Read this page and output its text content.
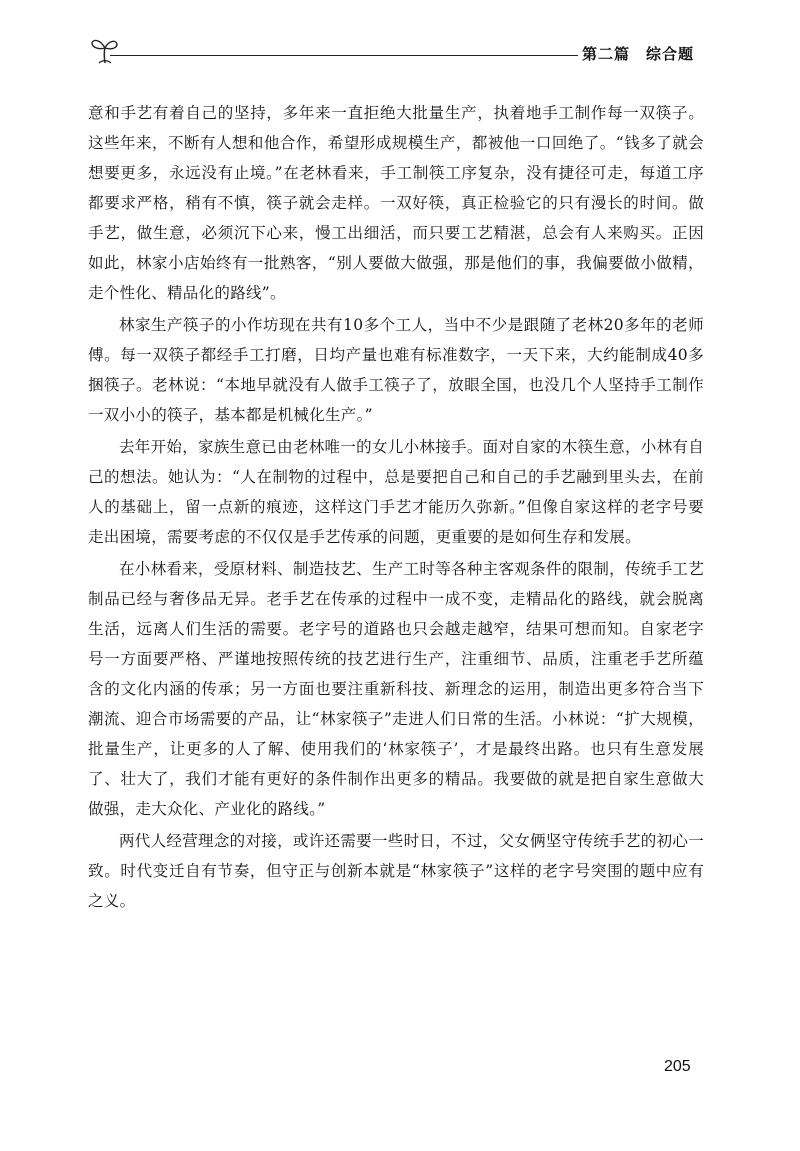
第二篇　综合题

意和手艺有着自己的坚持，多年来一直拒绝大批量生产，执着地手工制作每一双筷子。这些年来，不断有人想和他合作，希望形成规模生产，都被他一口回绝了。“钱多了就会想要更多，永远没有止境。”在老林看来，手工制筷工序复杂，没有捷径可走，每道工序都要求严格，稍有不慎，筷子就会走样。一双好筷，真正检验它的只有漫长的时间。做手艺，做生意，必须沉下心来，慢工出细活，而只要工艺精湛，总会有人来购买。正因如此，林家小店始终有一批熟客，“别人要做大做强，那是他们的事，我偏要做小做精，走个性化、精品化的路线”。

林家生产筷子的小作坊现在共有10多个工人，当中不少是跟随了老林20多年的老师傅。每一双筷子都经手工打磨，日均产量也难有标准数字，一天下来，大约能制成40多捆筷子。老林说：“本地早就没有人做手工筷子了，放眼全国，也没几个人坚持手工制作一双小小的筷子，基本都是机械化生产。”

去年开始，家族生意已由老林唯一的女儿小林接手。面对自家的木筷生意，小林有自己的想法。她认为：“人在制物的过程中，总是要把自己和自己的手艺融到里头去，在前人的基础上，留一点新的痕迹，这样这门手艺才能历久弥新。”但像自家这样的老字号要走出困境，需要考虑的不仅仅是手艺传承的问题，更重要的是如何生存和发展。

在小林看来，受原材料、制造技艺、生产工时等各种主客观条件的限制，传统手工艺制品已经与奢侈品无异。老手艺在传承的过程中一成不变，走精品化的路线，就会脱离生活，远离人们生活的需要。老字号的道路也只会越走越窄，结果可想而知。自家老字号一方面要严格、严谨地按照传统的技艺进行生产，注重细节、品质，注重老手艺所蕴含的文化内涵的传承；另一方面也要注重新科技、新理念的运用，制造出更多符合当下潮流、迎合市场需要的产品，让“林家筷子”走进人们日常的生活。小林说：“扩大规模，批量生产，让更多的人了解、使用我们的‘林家筷子’，才是最终出路。也只有生意发展了、壮大了，我们才能有更好的条件制作出更多的精品。我要做的就是把自家生意做大做强，走大众化、产业化的路线。”

两代人经营理念的对接，或许还需要一些时日，不过，父女俩坚守传统手艺的初心一致。时代变迁自有节奏，但守正与创新本就是“林家筷子”这样的老字号突围的题中应有之义。

205
